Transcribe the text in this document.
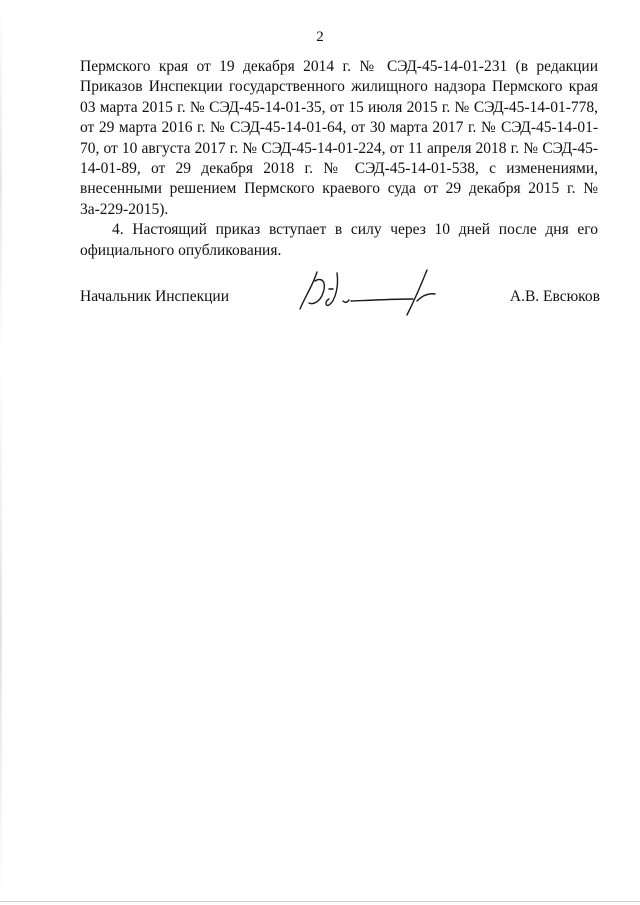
2

Пермского края от 19 декабря 2014 г. № СЭД-45-14-01-231 (в редакции Приказов Инспекции государственного жилищного надзора Пермского края 03 марта 2015 г. № СЭД-45-14-01-35, от 15 июля 2015 г. № СЭД-45-14-01-778, от 29 марта 2016 г. № СЭД-45-14-01-64, от 30 марта 2017 г. № СЭД-45-14-01-70, от 10 августа 2017 г. № СЭД-45-14-01-224, от 11 апреля 2018 г. № СЭД-45-14-01-89, от 29 декабря 2018 г. № СЭД-45-14-01-538, с изменениями, внесенными решением Пермского краевого суда от 29 декабря 2015 г. № 3а-229-2015).

4. Настоящий приказ вступает в силу через 10 дней после дня его официального опубликования.

Начальник Инспекции	А.В. Евсюков
